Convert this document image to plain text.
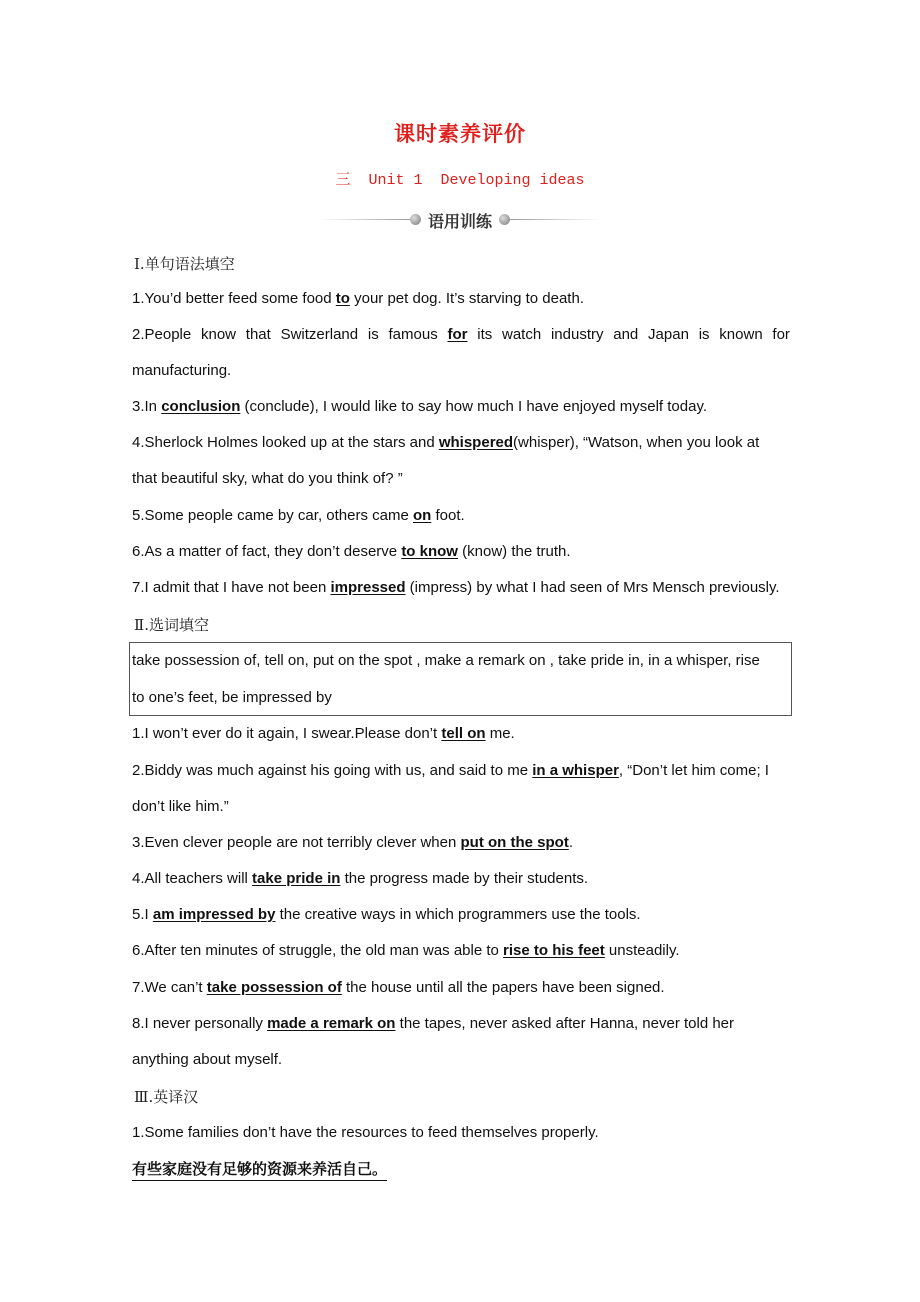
课时素养评价
三  Unit 1  Developing ideas
语用训练
Ⅰ.单句语法填空
1.You’d better feed some food to your pet dog. It’s starving to death.
2.People know that Switzerland is famous for its watch industry and Japan is known for
manufacturing.
3.In conclusion (conclude), I would like to say how much I have enjoyed myself today.
4.Sherlock Holmes looked up at the stars and whispered(whisper), “Watson, when you look at
that beautiful sky, what do you think of? ”
5.Some people came by car, others came on foot.
6.As a matter of fact, they don’t deserve to know (know) the truth.
7.I admit that I have not been impressed (impress) by what I had seen of Mrs Mensch previously.
Ⅱ.选词填空
take possession of, tell on, put on the spot , make a remark on , take pride in, in a whisper, rise
to one’s feet, be impressed by
1.I won’t ever do it again, I swear.Please don’t tell on me.
2.Biddy was much against his going with us, and said to me in a whisper, “Don’t let him come; I
don’t like him.”
3.Even clever people are not terribly clever when put on the spot.
4.All teachers will take pride in the progress made by their students.
5.I am impressed by the creative ways in which programmers use the tools.
6.After ten minutes of struggle, the old man was able to rise to his feet unsteadily.
7.We can’t take possession of the house until all the papers have been signed.
8.I never personally made a remark on the tapes, never asked after Hanna, never told her
anything about myself.
Ⅲ.英译汉
1.Some families don’t have the resources to feed themselves properly.
有些家庭没有足够的资源来养活自己。
